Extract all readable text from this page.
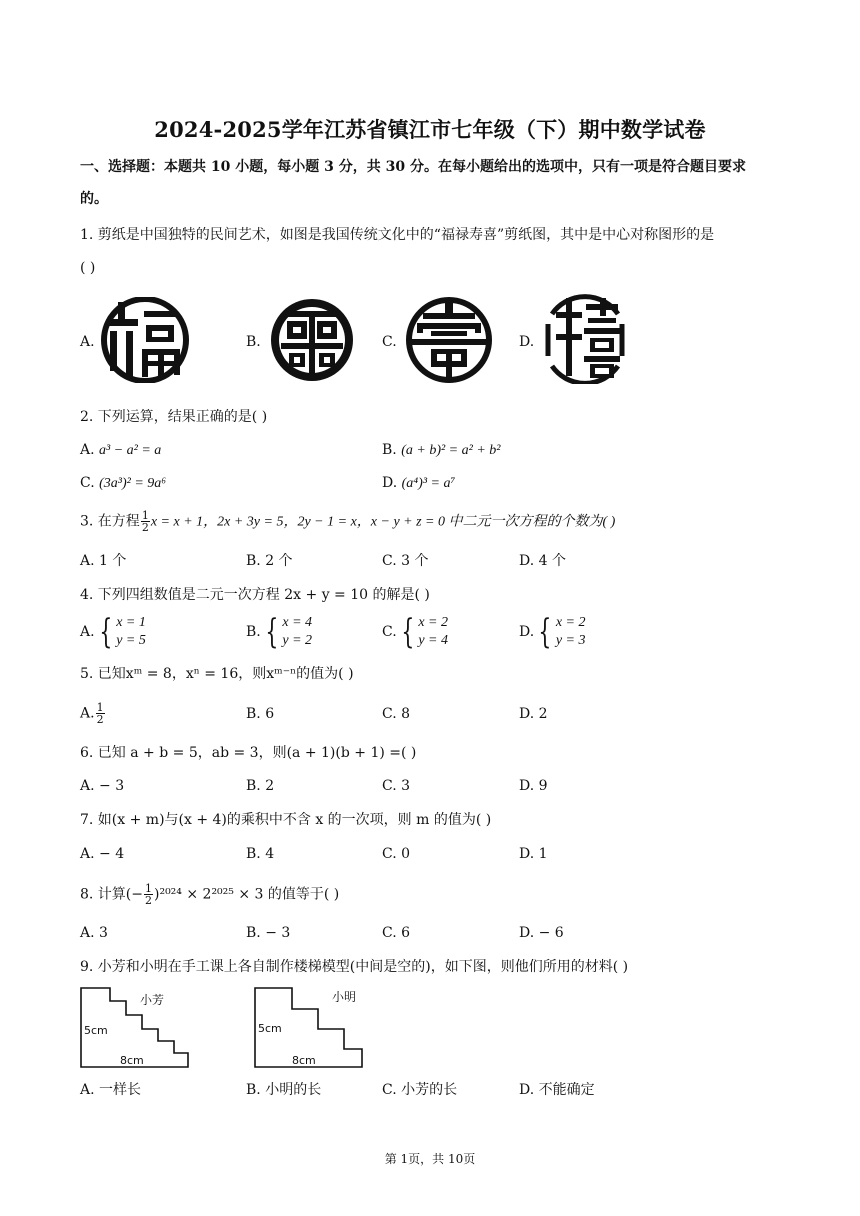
2024-2025学年江苏省镇江市七年级（下）期中数学试卷
一、选择题：本题共 10 小题，每小题 3 分，共 30 分。在每小题给出的选项中，只有一项是符合题目要求
的。
1. 剪纸是中国独特的民间艺术，如图是我国传统文化中的“福禄寿喜”剪纸图，其中是中心对称图形的是
( )
A.	B.	C.	D.
2. 下列运算，结果正确的是( )
A. a³ − a² = a	B. (a + b)² = a² + b²
C. (3a³)² = 9a⁶	D. (a⁴)³ = a⁷
3. 在方程 $\frac{1}{2}$ x = x + 1，2x + 3y = 5，2y − 1 = x，x − y + z = 0 中二元一次方程的个数为( )
A. 1 个	B. 2 个	C. 3 个	D. 4 个
4. 下列四组数值是二元一次方程 2x + y = 10 的解是( )
A. { x = 1
y = 5
B. { x = 4
y = 2
C. { x = 2
y = 4
D. { x = 2
y = 3
5. 已知xᵐ = 8，xⁿ = 16，则xᵐ⁻ⁿ的值为( )
A. $\frac{1}{2}$	B. 6	C. 8	D. 2
6. 已知 a + b = 5，ab = 3，则(a + 1)(b + 1) =( )
A. − 3	B. 2	C. 3	D. 9
7. 如(x + m)与(x + 4)的乘积中不含 x 的一次项，则 m 的值为( )
A. − 4	B. 4	C. 0	D. 1
8. 计算(− $\frac{1}{2} )^{2024} \times 2^{2025} \times 3$ 的值等于( )
A. 3	B. − 3	C. 6	D. − 6
9. 小芳和小明在手工课上各自制作楼梯模型(中间是空的)，如下图，则他们所用的材料( )
小芳
5cm
8cm
小明
5cm
8cm
A. 一样长	B. 小明的长	C. 小芳的长	D. 不能确定
第 1页，共 10页
